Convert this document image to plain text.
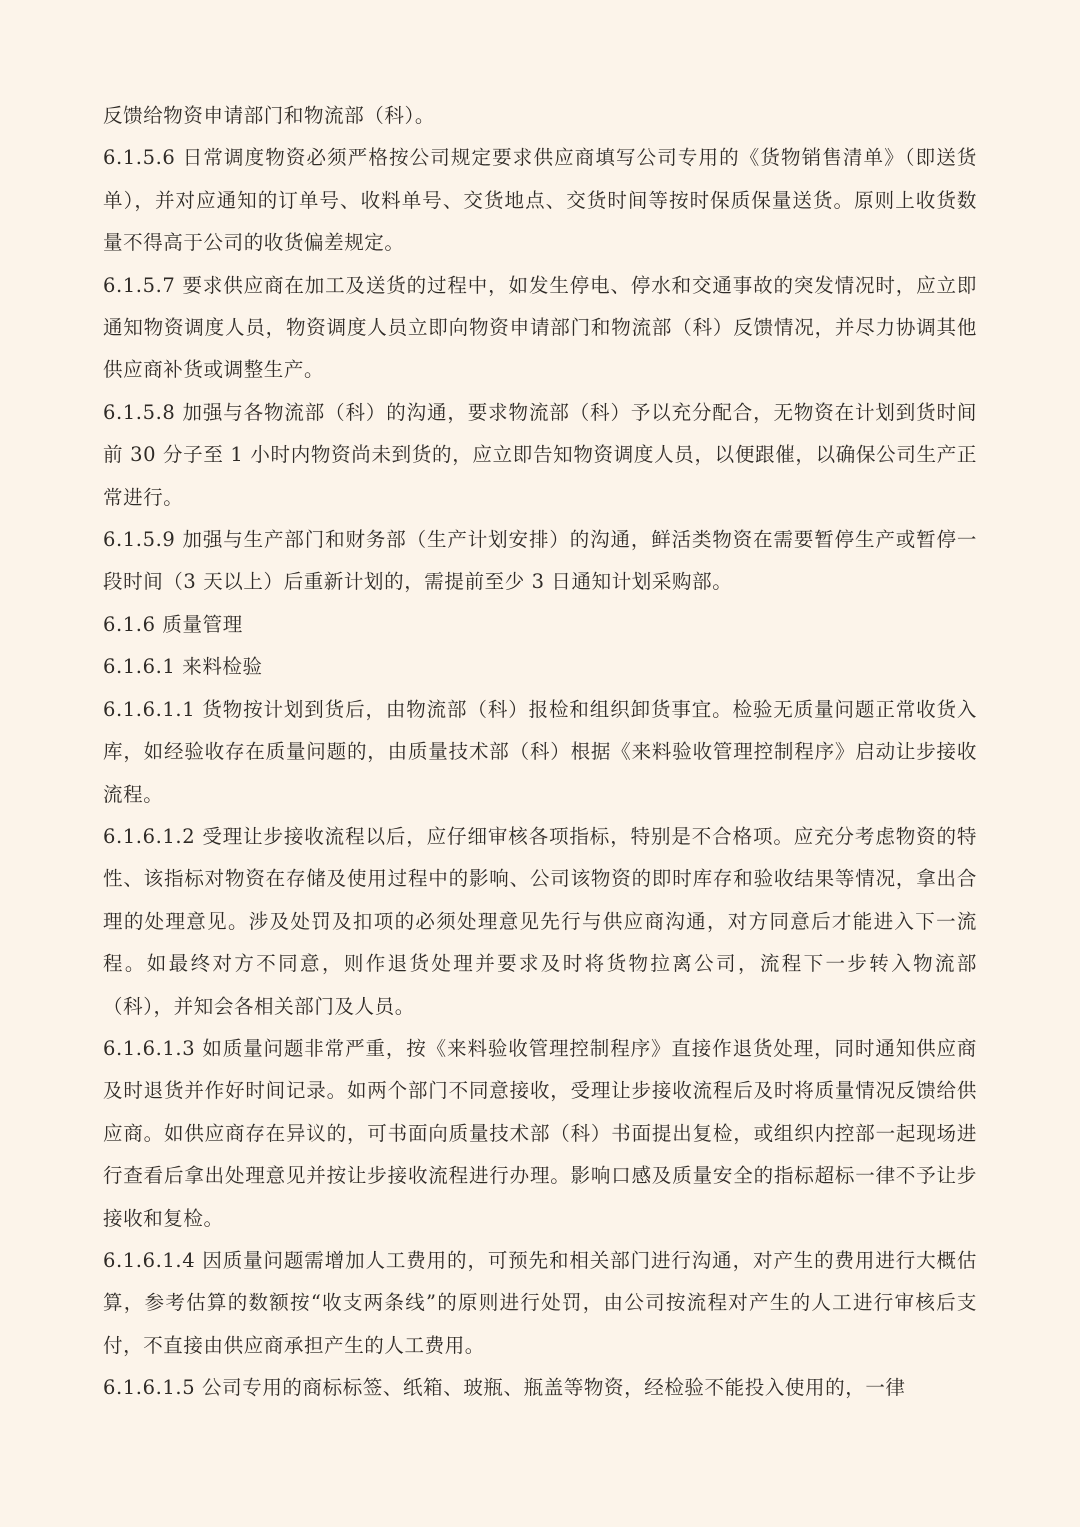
反馈给物资申请部门和物流部（科）。

6.1.5.6 日常调度物资必须严格按公司规定要求供应商填写公司专用的《货物销售清单》（即送货单），并对应通知的订单号、收料单号、交货地点、交货时间等按时保质保量送货。原则上收货数量不得高于公司的收货偏差规定。

6.1.5.7 要求供应商在加工及送货的过程中，如发生停电、停水和交通事故的突发情况时，应立即通知物资调度人员，物资调度人员立即向物资申请部门和物流部（科）反馈情况，并尽力协调其他供应商补货或调整生产。

6.1.5.8 加强与各物流部（科）的沟通，要求物流部（科）予以充分配合，无物资在计划到货时间前 30 分子至 1 小时内物资尚未到货的，应立即告知物资调度人员，以便跟催，以确保公司生产正常进行。

6.1.5.9 加强与生产部门和财务部（生产计划安排）的沟通，鲜活类物资在需要暂停生产或暂停一段时间（3 天以上）后重新计划的，需提前至少 3 日通知计划采购部。

6.1.6 质量管理

6.1.6.1 来料检验

6.1.6.1.1 货物按计划到货后，由物流部（科）报检和组织卸货事宜。检验无质量问题正常收货入库，如经验收存在质量问题的，由质量技术部（科）根据《来料验收管理控制程序》启动让步接收流程。

6.1.6.1.2 受理让步接收流程以后，应仔细审核各项指标，特别是不合格项。应充分考虑物资的特性、该指标对物资在存储及使用过程中的影响、公司该物资的即时库存和验收结果等情况，拿出合理的处理意见。涉及处罚及扣项的必须处理意见先行与供应商沟通，对方同意后才能进入下一流程。如最终对方不同意，则作退货处理并要求及时将货物拉离公司，流程下一步转入物流部（科），并知会各相关部门及人员。

6.1.6.1.3 如质量问题非常严重，按《来料验收管理控制程序》直接作退货处理，同时通知供应商及时退货并作好时间记录。如两个部门不同意接收，受理让步接收流程后及时将质量情况反馈给供应商。如供应商存在异议的，可书面向质量技术部（科）书面提出复检，或组织内控部一起现场进行查看后拿出处理意见并按让步接收流程进行办理。影响口感及质量安全的指标超标一律不予让步接收和复检。

6.1.6.1.4 因质量问题需增加人工费用的，可预先和相关部门进行沟通，对产生的费用进行大概估算，参考估算的数额按“收支两条线”的原则进行处罚，由公司按流程对产生的人工进行审核后支付，不直接由供应商承担产生的人工费用。

6.1.6.1.5 公司专用的商标标签、纸箱、玻瓶、瓶盖等物资，经检验不能投入使用的，一律
